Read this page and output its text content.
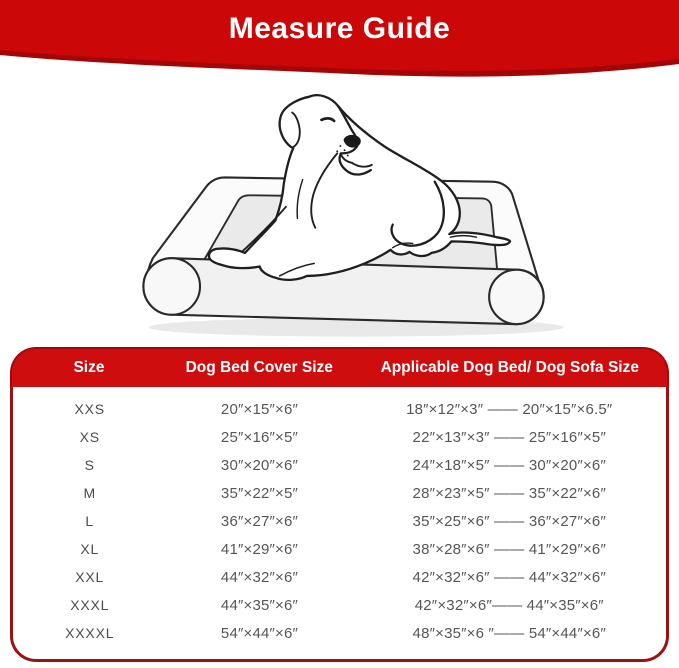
Measure Guide
Size	Dog Bed Cover Size	Applicable Dog Bed/ Dog Sofa Size
XXS	20″×15″×6″	18″×12″×3″ —— 20″×15″×6.5″
XS	25″×16″×5″	22″×13″×3″ —— 25″×16″×5″
S	30″×20″×6″	24″×18″×5″ —— 30″×20″×6″
M	35″×22″×5″	28″×23″×5″ —— 35″×22″×6″
L	36″×27″×6″	35″×25″×6″ —— 36″×27″×6″
XL	41″×29″×6″	38″×28″×6″ —— 41″×29″×6″
XXL	44″×32″×6″	42″×32″×6″ —— 44″×32″×6″
XXXL	44″×35″×6″	42″×32″×6″—— 44″×35″×6″
XXXXL	54″×44″×6″	48″×35″×6 ″—— 54″×44″×6″
